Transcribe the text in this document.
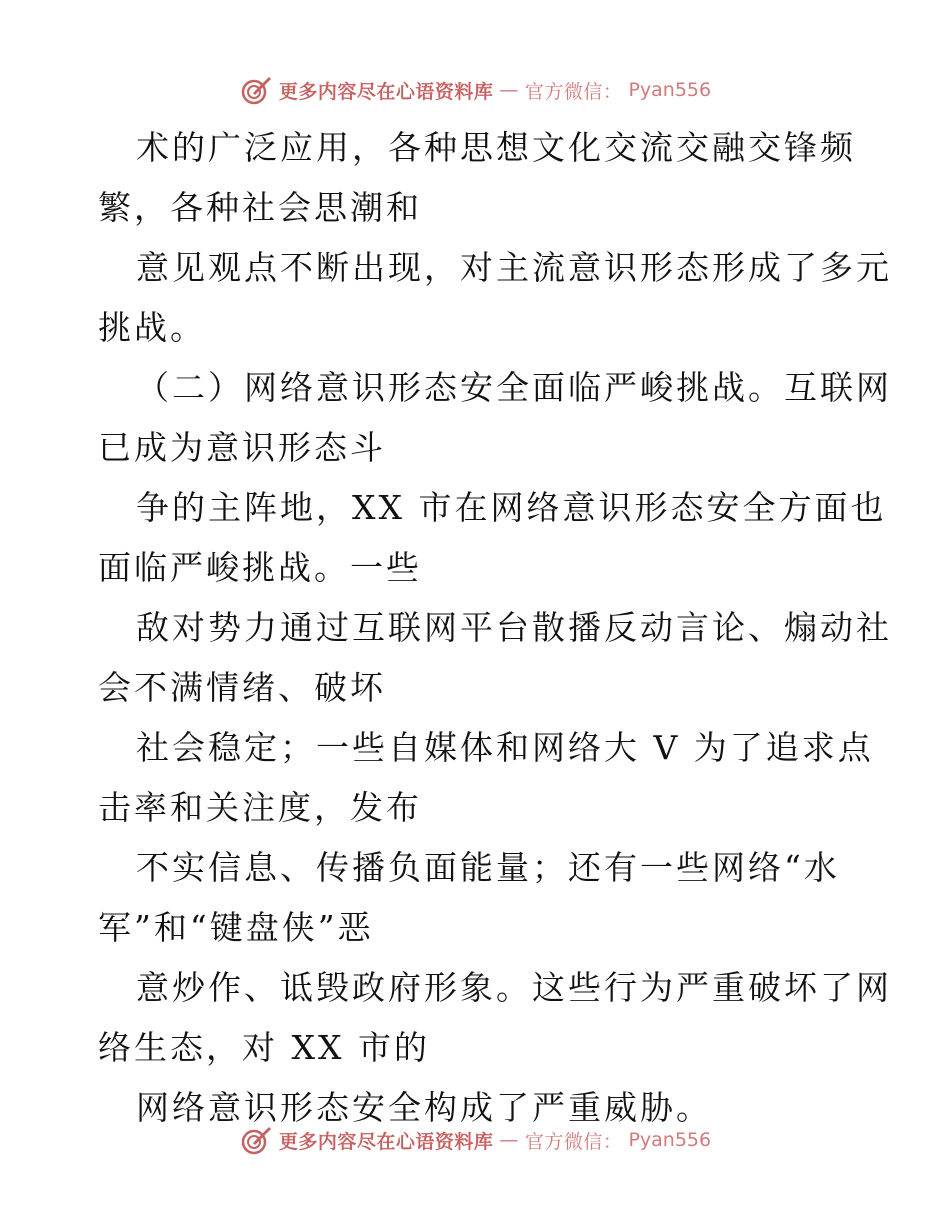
更多内容尽在心语资料库 — 官方微信： Pyan556
术的广泛应用，各种思想文化交流交融交锋频
繁，各种社会思潮和
意见观点不断出现，对主流意识形态形成了多元
挑战。
（二）网络意识形态安全面临严峻挑战。互联网
已成为意识形态斗
争的主阵地，XX 市在网络意识形态安全方面也
面临严峻挑战。一些
敌对势力通过互联网平台散播反动言论、煽动社
会不满情绪、破坏
社会稳定；一些自媒体和网络大 V 为了追求点
击率和关注度，发布
不实信息、传播负面能量；还有一些网络“水
军”和“键盘侠”恶
意炒作、诋毁政府形象。这些行为严重破坏了网
络生态，对 XX 市的
网络意识形态安全构成了严重威胁。
更多内容尽在心语资料库 — 官方微信： Pyan556
